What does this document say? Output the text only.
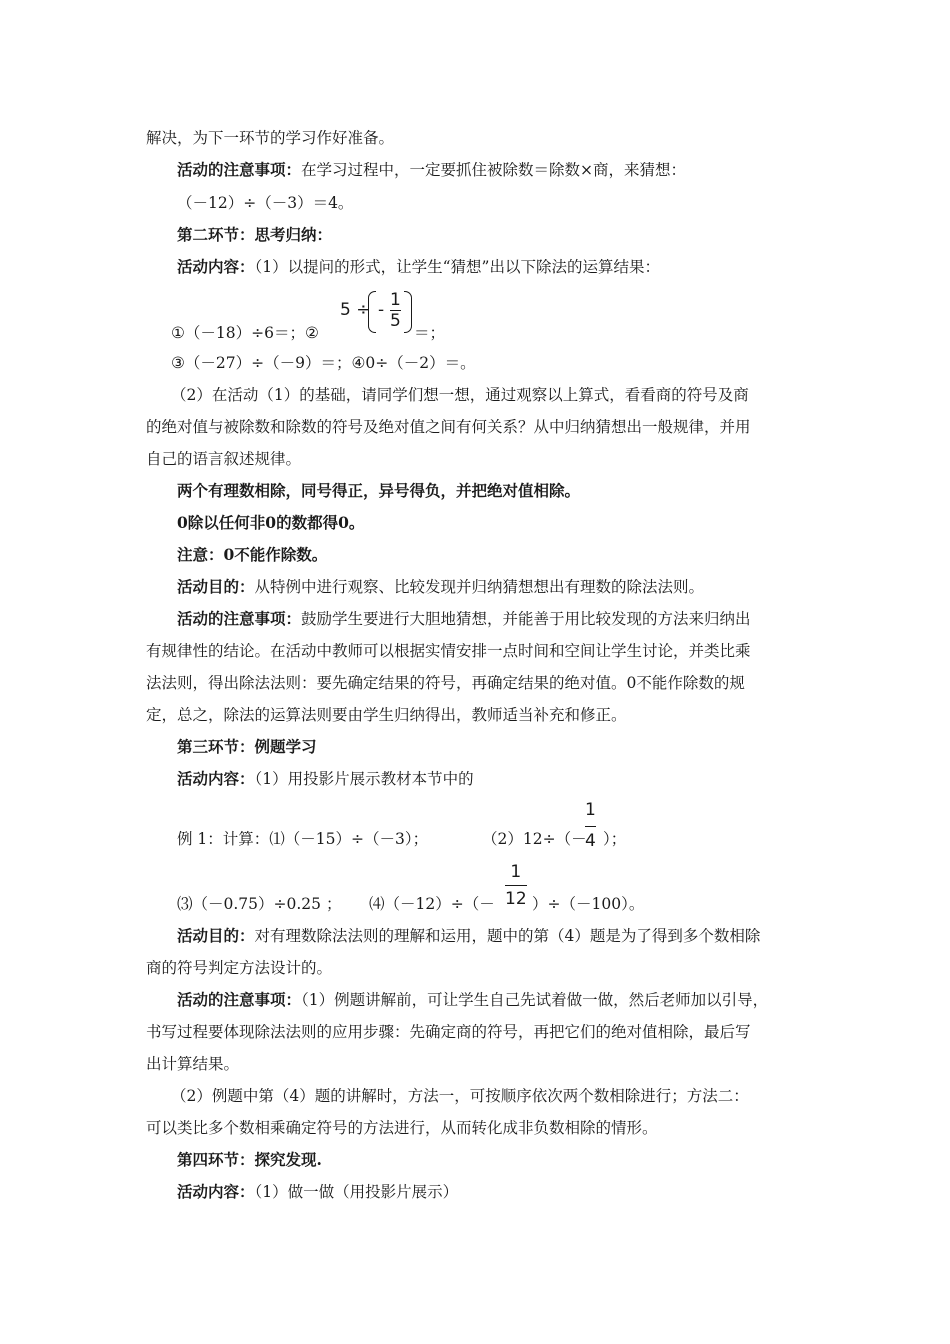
解决，为下一环节的学习作好准备。
活动的注意事项：在学习过程中，一定要抓住被除数＝除数×商，来猜想：
（－12）÷（－3）＝4。
第二环节：思考归纳：
活动内容：（1）以提问的形式，让学生“猜想”出以下除法的运算结果：
5 ÷ - $\frac{1}{5}$
①（－18）÷6＝；②	＝；
③（－27）÷（－9）＝；④0÷（－2）＝。
（2）在活动（1）的基础，请同学们想一想，通过观察以上算式，看看商的符号及商
的绝对值与被除数和除数的符号及绝对值之间有何关系？从中归纳猜想出一般规律，并用
自己的语言叙述规律。
两个有理数相除，同号得正，异号得负，并把绝对值相除。
0除以任何非0的数都得0。
注意：0不能作除数。
活动目的：从特例中进行观察、比较发现并归纳猜想想出有理数的除法法则。
活动的注意事项：鼓励学生要进行大胆地猜想，并能善于用比较发现的方法来归纳出
有规律性的结论。在活动中教师可以根据实情安排一点时间和空间让学生讨论，并类比乘
法法则，得出除法法则：要先确定结果的符号，再确定结果的绝对值。0不能作除数的规
定，总之，除法的运算法则要由学生归纳得出，教师适当补充和修正。
第三环节：例题学习
活动内容：（1）用投影片展示教材本节中的
例 1：计算：⑴（－15）÷（－3）；	（2）12÷（－
$\frac{1}{4}$ ）；
⑶（－0.75）÷0.25 ； ⑷（－12）÷（－ $\frac{1}{12} )\div(-100)$。
活动目的：对有理数除法法则的理解和运用，题中的第（4）题是为了得到多个数相除
商的符号判定方法设计的。
活动的注意事项：（1）例题讲解前，可让学生自己先试着做一做，然后老师加以引导，
书写过程要体现除法法则的应用步骤：先确定商的符号，再把它们的绝对值相除，最后写
出计算结果。
（2）例题中第（4）题的讲解时，方法一，可按顺序依次两个数相除进行；方法二：
可以类比多个数相乘确定符号的方法进行，从而转化成非负数相除的情形。
第四环节：探究发现.
活动内容：（1）做一做（用投影片展示）
